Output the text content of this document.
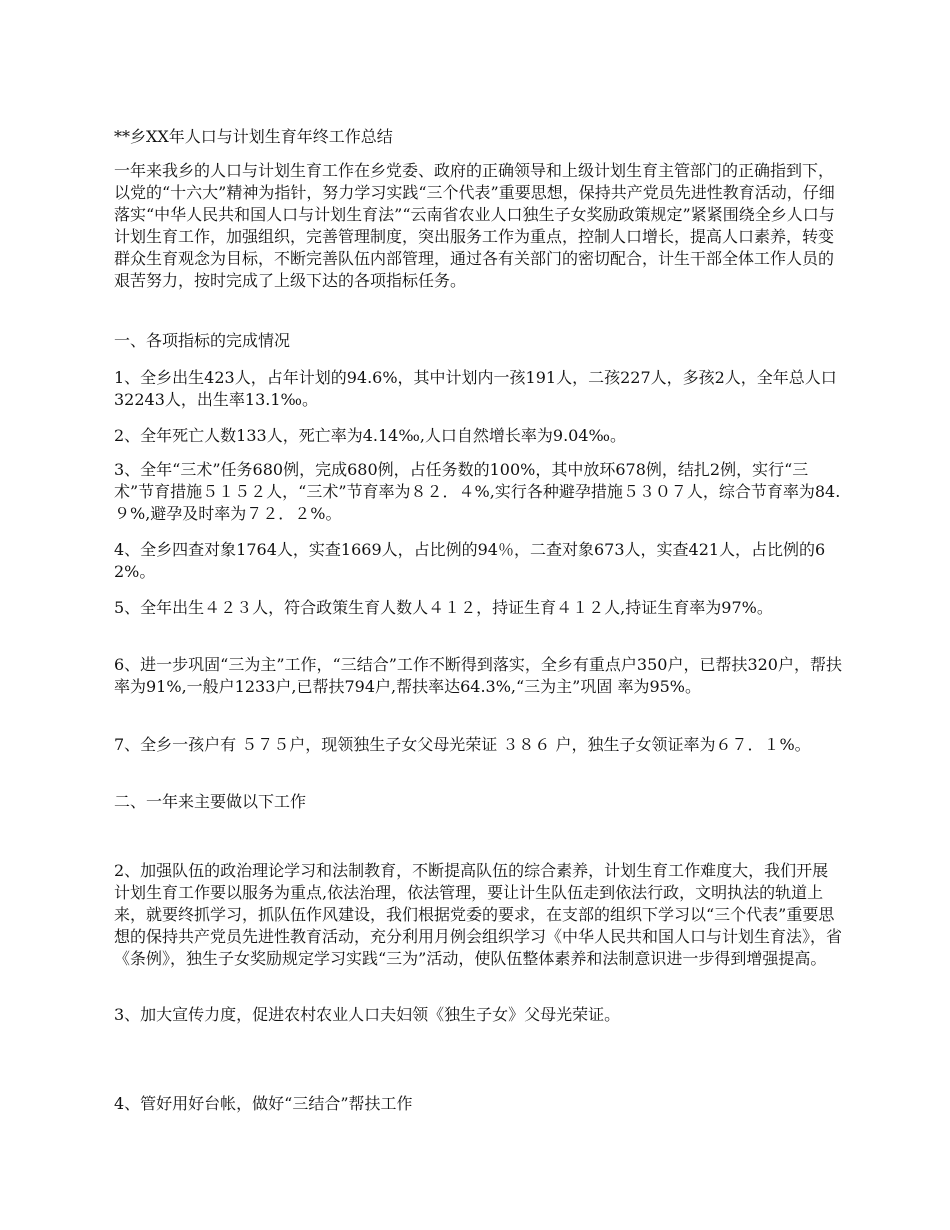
**乡XX年人口与计划生育年终工作总结

一年来我乡的人口与计划生育工作在乡党委、政府的正确领导和上级计划生育主管部门的正确指到下，以党的“十六大”精神为指针，努力学习实践“三个代表”重要思想，保持共产党员先进性教育活动，仔细落实“中华人民共和国人口与计划生育法”“云南省农业人口独生子女奖励政策规定”紧紧围绕全乡人口与计划生育工作，加强组织，完善管理制度，突出服务工作为重点，控制人口增长，提高人口素养，转变群众生育观念为目标，不断完善队伍内部管理，通过各有关部门的密切配合，计生干部全体工作人员的艰苦努力，按时完成了上级下达的各项指标任务。

一、各项指标的完成情况

1、全乡出生423人，占年计划的94.6%，其中计划内一孩191人，二孩227人，多孩2人，全年总人口32243人，出生率13.1‰。

2、全年死亡人数133人，死亡率为4.14‰,人口自然增长率为9.04‰。

3、全年“三术”任务680例，完成680例，占任务数的100%，其中放环678例，结扎2例，实行“三术”节育措施５１５２人，“三术”节育率为８２．４%,实行各种避孕措施５３０７人，综合节育率为84.９%,避孕及时率为７２．２%。

4、全乡四查对象1764人，实查1669人，占比例的94％，二查对象673人，实查421人，占比例的62%。

5、全年出生４２３人，符合政策生育人数人４１２，持证生育４１２人,持证生育率为97%。

6、进一步巩固“三为主”工作，“三结合”工作不断得到落实，全乡有重点户350户，已帮扶320户，帮扶率为91%,一般户1233户,已帮扶794户,帮扶率达64.3%,“三为主”巩固 率为95%。

7、全乡一孩户有 ５７５户，现领独生子女父母光荣证 ３８６ 户，独生子女领证率为６７．１%。

二、一年来主要做以下工作

2、加强队伍的政治理论学习和法制教育，不断提高队伍的综合素养，计划生育工作难度大，我们开展计划生育工作要以服务为重点,依法治理，依法管理，要让计生队伍走到依法行政，文明执法的轨道上来，就要终抓学习，抓队伍作风建设，我们根据党委的要求，在支部的组织下学习以“三个代表”重要思想的保持共产党员先进性教育活动，充分利用月例会组织学习《中华人民共和国人口与计划生育法》，省《条例》，独生子女奖励规定学习实践“三为”活动，使队伍整体素养和法制意识进一步得到增强提高。

3、加大宣传力度，促进农村农业人口夫妇领《独生子女》父母光荣证。

4、管好用好台帐，做好“三结合”帮扶工作
